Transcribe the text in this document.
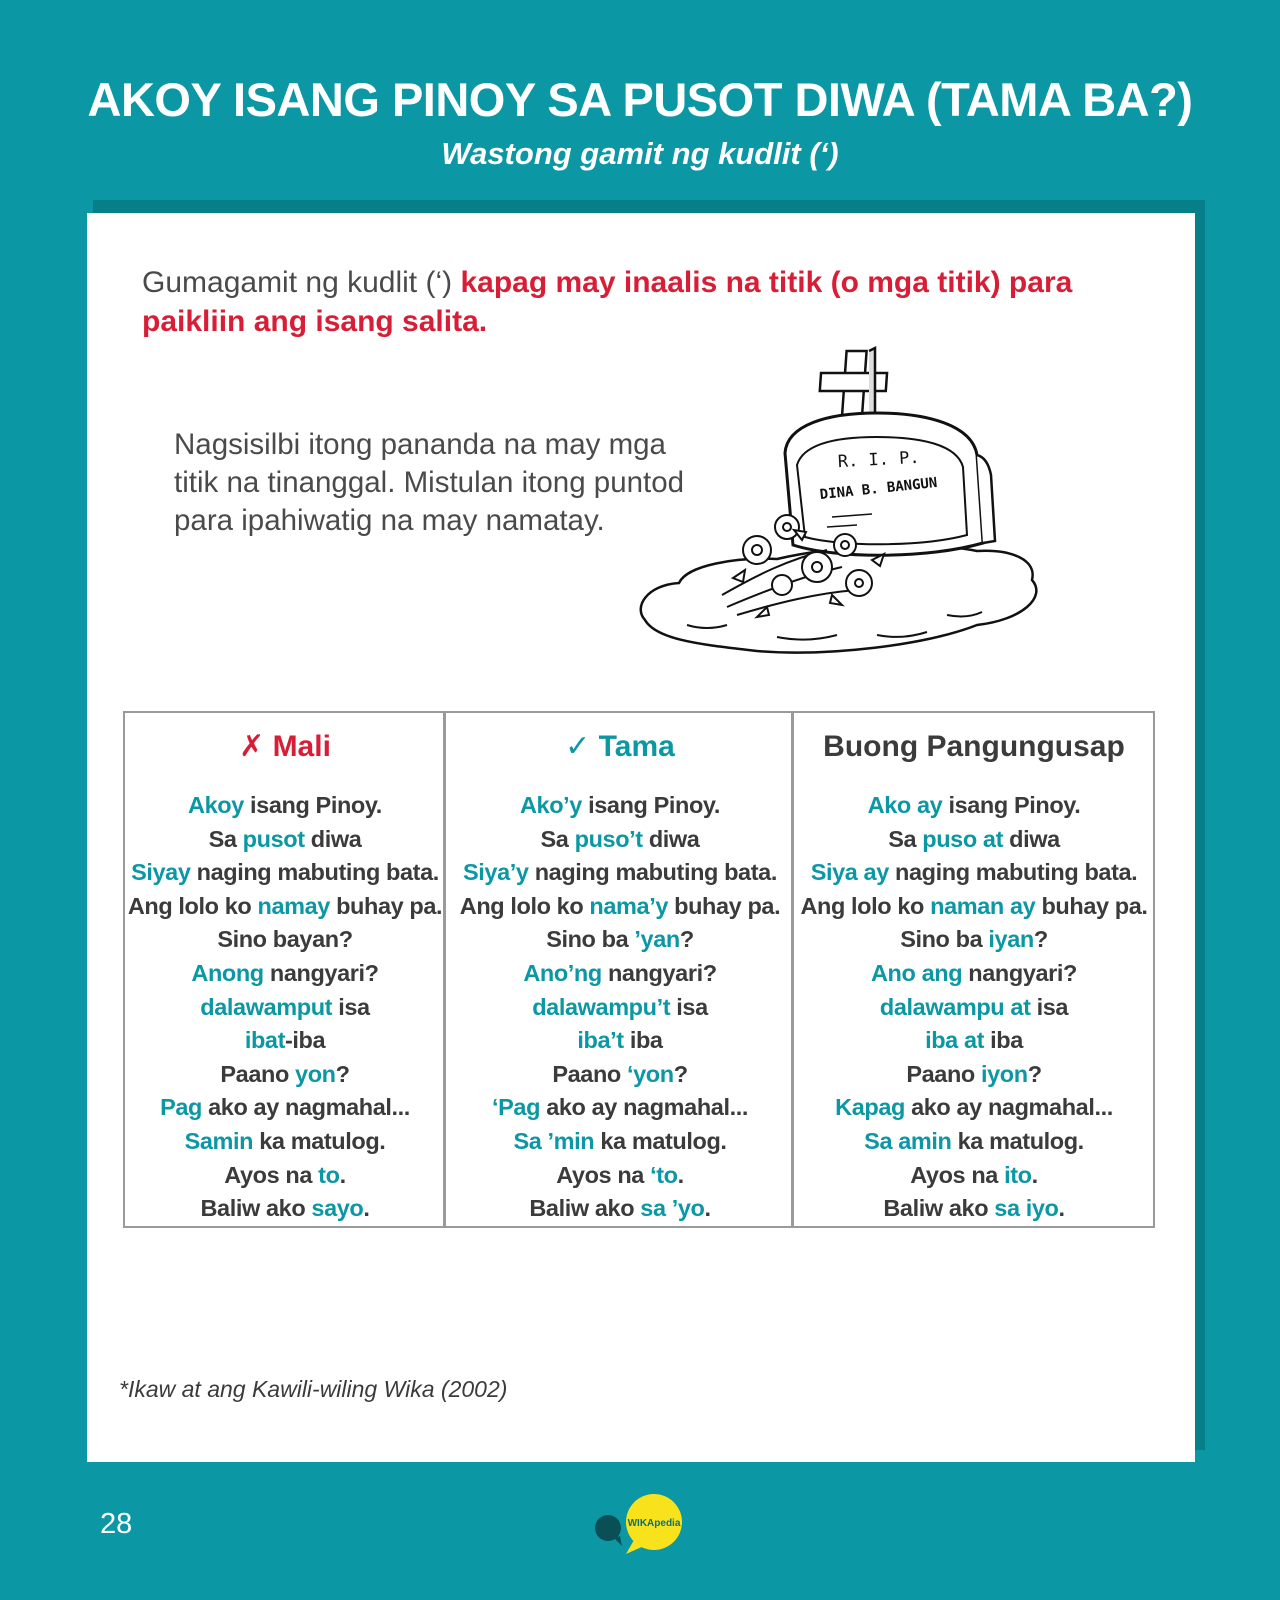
AKOY ISANG PINOY SA PUSOT DIWA (TAMA BA?)
Wastong gamit ng kudlit (‘)
Gumagamit ng kudlit (‘) kapag may inaalis na titik (o mga titik) para paikliin ang isang salita.
Nagsisilbi itong pananda na may mga titik na tinanggal. Mistulan itong puntod para ipahiwatig na may namatay.
R. I. P.
DINA B. BANGUN
✗ Mali
Akoy isang Pinoy.
Sa pusot diwa
Siyay naging mabuting bata.
Ang lolo ko namay buhay pa.
Sino bayan?
Anong nangyari?
dalawamput isa
ibat-iba
Paano yon?
Pag ako ay nagmahal...
Samin ka matulog.
Ayos na to.
Baliw ako sayo.
✓ Tama
Ako’y isang Pinoy.
Sa puso’t diwa
Siya’y naging mabuting bata.
Ang lolo ko nama’y buhay pa.
Sino ba ’yan?
Ano’ng nangyari?
dalawampu’t isa
iba’t iba
Paano ‘yon?
‘Pag ako ay nagmahal...
Sa ’min ka matulog.
Ayos na ‘to.
Baliw ako sa ’yo.
Buong Pangungusap
Ako ay isang Pinoy.
Sa puso at diwa
Siya ay naging mabuting bata.
Ang lolo ko naman ay buhay pa.
Sino ba iyan?
Ano ang nangyari?
dalawampu at isa
iba at iba
Paano iyon?
Kapag ako ay nagmahal...
Sa amin ka matulog.
Ayos na ito.
Baliw ako sa iyo.
*Ikaw at ang Kawili-wiling Wika (2002)
28	WIKApedia
